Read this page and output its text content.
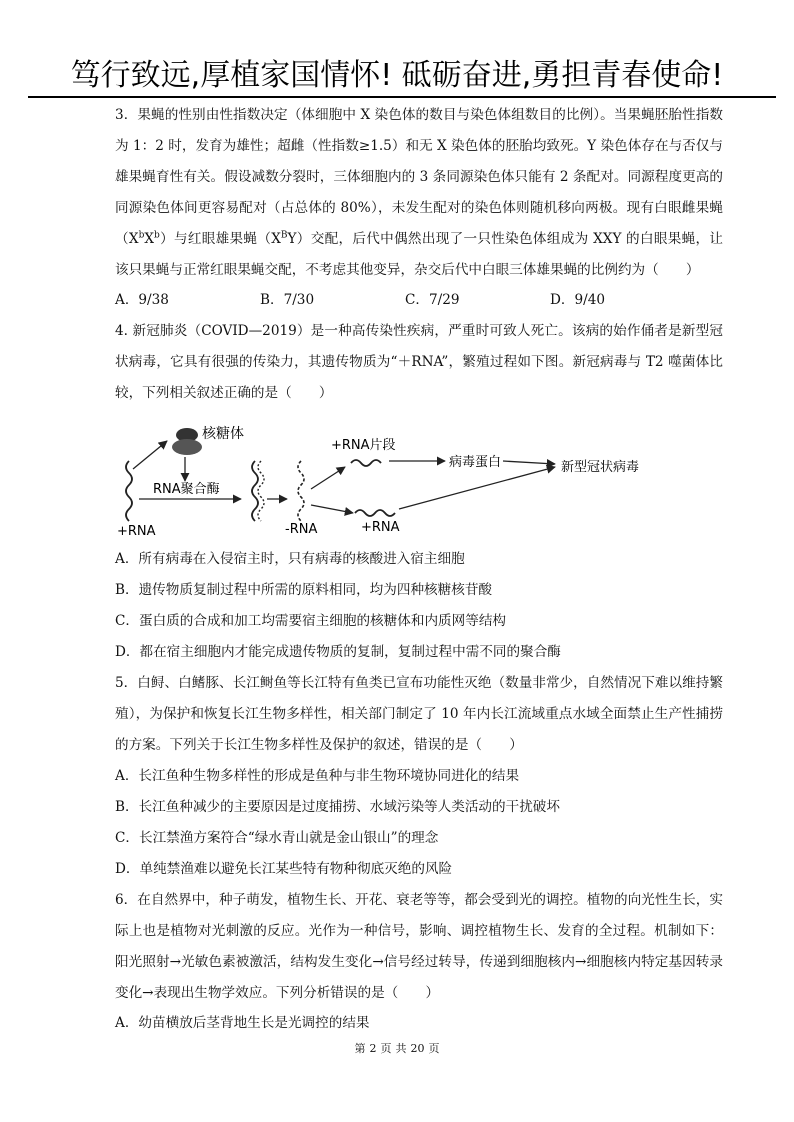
笃行致远,厚植家国情怀! 砥砺奋进,勇担青春使命!

3．果蝇的性别由性指数决定（体细胞中 X 染色体的数目与染色体组数目的比例）。当果蝇胚胎性指数为 1：2 时，发育为雄性；超雌（性指数≥1.5）和无 X 染色体的胚胎均致死。Y 染色体存在与否仅与雄果蝇育性有关。假设减数分裂时，三体细胞内的 3 条同源染色体只能有 2 条配对。同源程度更高的同源染色体间更容易配对（占总体的 80%），未发生配对的染色体则随机移向两极。现有白眼雌果蝇$(X^bX^b)$与红眼雄果蝇$(X^BY)$交配，后代中偶然出现了一只性染色体组成为 XXY 的白眼果蝇，让该只果蝇与正常红眼果蝇交配，不考虑其他变异，杂交后代中白眼三体雄果蝇的比例约为（　　）

A．9/38	B．7/30	C．7/29	D．9/40

4. 新冠肺炎（COVID—2019）是一种高传染性疾病，严重时可致人死亡。该病的始作俑者是新型冠状病毒，它具有很强的传染力，其遗传物质为“＋RNA”，繁殖过程如下图。新冠病毒与 T2 噬菌体比较，下列相关叙述正确的是（　　）

核糖体
+RNA
RNA聚合酶
-RNA
+RNA片段
病毒蛋白	新型冠状病毒
+RNA

A．所有病毒在入侵宿主时，只有病毒的核酸进入宿主细胞

B．遗传物质复制过程中所需的原料相同，均为四种核糖核苷酸

C．蛋白质的合成和加工均需要宿主细胞的核糖体和内质网等结构

D．都在宿主细胞内才能完成遗传物质的复制，复制过程中需不同的聚合酶

5．白鲟、白鳍豚、长江鲥鱼等长江特有鱼类已宣布功能性灭绝（数量非常少，自然情况下难以维持繁殖），为保护和恢复长江生物多样性，相关部门制定了 10 年内长江流域重点水域全面禁止生产性捕捞的方案。下列关于长江生物多样性及保护的叙述，错误的是（　　）

A．长江鱼种生物多样性的形成是鱼种与非生物环境协同进化的结果

B．长江鱼种减少的主要原因是过度捕捞、水域污染等人类活动的干扰破坏

C．长江禁渔方案符合“绿水青山就是金山银山”的理念

D．单纯禁渔难以避免长江某些特有物种彻底灭绝的风险

6．在自然界中，种子萌发，植物生长、开花、衰老等等，都会受到光的调控。植物的向光性生长，实际上也是植物对光刺激的反应。光作为一种信号，影响、调控植物生长、发育的全过程。机制如下：阳光照射→光敏色素被激活，结构发生变化→信号经过转导，传递到细胞核内→细胞核内特定基因转录变化→表现出生物学效应。下列分析错误的是（　　）

A．幼苗横放后茎背地生长是光调控的结果

第 2 页 共 20 页
